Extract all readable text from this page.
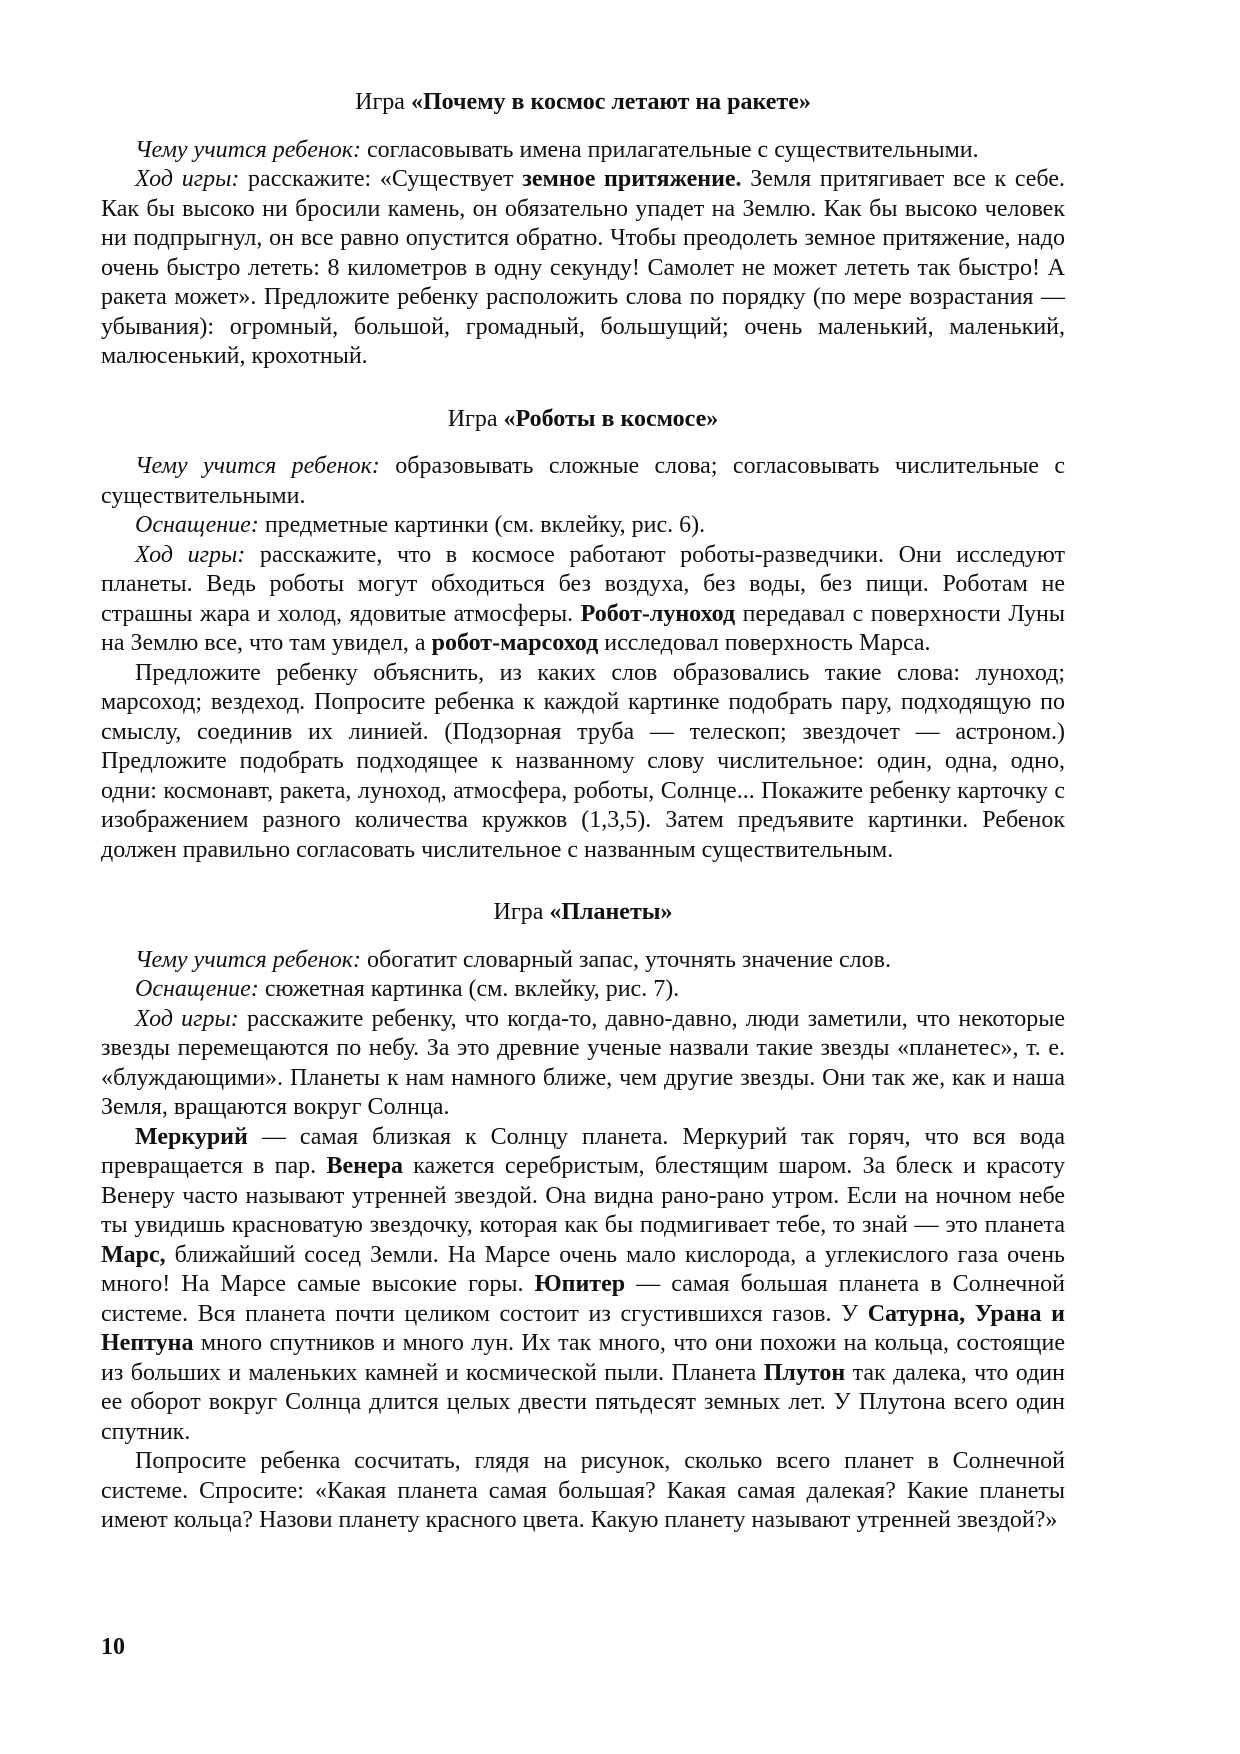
Игра «Почему в космос летают на ракете»

Чему учится ребенок: согласовывать имена прилагательные с существительными.

Ход игры: расскажите: «Существует земное притяжение. Земля притягивает все к себе. Как бы высоко ни бросили камень, он обязательно упадет на Землю. Как бы высоко человек ни подпрыгнул, он все равно опустится обратно. Чтобы преодолеть земное притяжение, надо очень быстро лететь: 8 километров в одну секунду! Самолет не может лететь так быстро! А ракета может». Предложите ребенку расположить слова по порядку (по мере возрастания — убывания): огромный, большой, громадный, большущий; очень маленький, маленький, малюсенький, крохотный.

Игра «Роботы в космосе»

Чему учится ребенок: образовывать сложные слова; согласовывать числительные с существительными.

Оснащение: предметные картинки (см. вклейку, рис. 6).

Ход игры: расскажите, что в космосе работают роботы-разведчики. Они исследуют планеты. Ведь роботы могут обходиться без воздуха, без воды, без пищи. Роботам не страшны жара и холод, ядовитые атмосферы. Робот-луноход передавал с поверхности Луны на Землю все, что там увидел, а робот-марсоход исследовал поверхность Марса.

Предложите ребенку объяснить, из каких слов образовались такие слова: луноход; марсоход; вездеход. Попросите ребенка к каждой картинке подобрать пару, подходящую по смыслу, соединив их линией. (Подзорная труба — телескоп; звездочет — астроном.) Предложите подобрать подходящее к названному слову числительное: один, одна, одно, одни: космонавт, ракета, луноход, атмосфера, роботы, Солнце... Покажите ребенку карточку с изображением разного количества кружков (1,3,5). Затем предъявите картинки. Ребенок должен правильно согласовать числительное с названным существительным.

Игра «Планеты»

Чему учится ребенок: обогатит словарный запас, уточнять значение слов.

Оснащение: сюжетная картинка (см. вклейку, рис. 7).

Ход игры: расскажите ребенку, что когда-то, давно-давно, люди заметили, что некоторые звезды перемещаются по небу. За это древние ученые назвали такие звезды «планетес», т. е. «блуждающими». Планеты к нам намного ближе, чем другие звезды. Они так же, как и наша Земля, вращаются вокруг Солнца.

Меркурий — самая близкая к Солнцу планета. Меркурий так горяч, что вся вода превращается в пар. Венера кажется серебристым, блестящим шаром. За блеск и красоту Венеру часто называют утренней звездой. Она видна рано-рано утром. Если на ночном небе ты увидишь красноватую звездочку, которая как бы подмигивает тебе, то знай — это планета Марс, ближайший сосед Земли. На Марсе очень мало кислорода, а углекислого газа очень много! На Марсе самые высокие горы. Юпитер — самая большая планета в Солнечной системе. Вся планета почти целиком состоит из сгустившихся газов. У Сатурна, Урана и Нептуна много спутников и много лун. Их так много, что они похожи на кольца, состоящие из больших и маленьких камней и космической пыли. Планета Плутон так далека, что один ее оборот вокруг Солнца длится целых двести пятьдесят земных лет. У Плутона всего один спутник.

Попросите ребенка сосчитать, глядя на рисунок, сколько всего планет в Солнечной системе. Спросите: «Какая планета самая большая? Какая самая далекая? Какие планеты имеют кольца? Назови планету красного цвета. Какую планету называют утренней звездой?»

10
